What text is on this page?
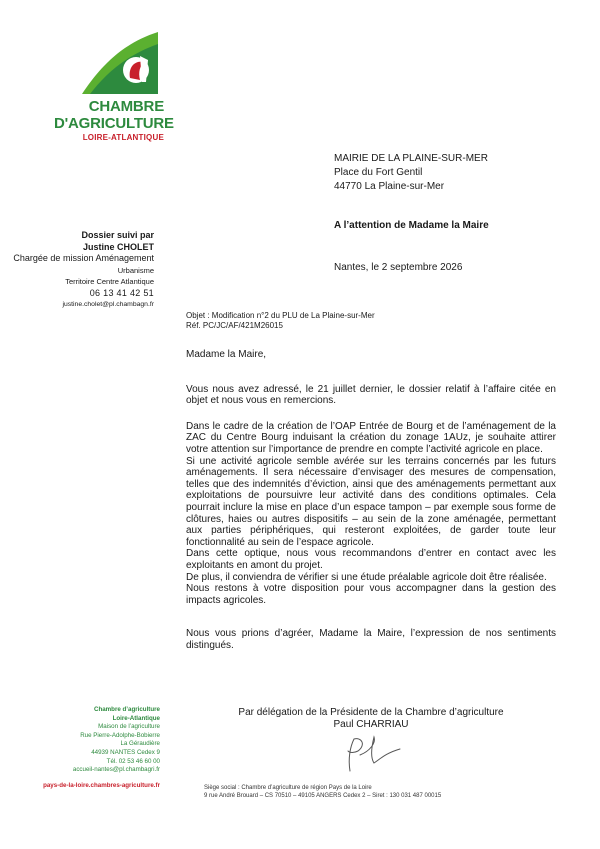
CHAMBRE
D'AGRICULTURE
LOIRE-ATLANTIQUE
Dossier suivi par
Justine CHOLET
Chargée de mission Aménagement
Urbanisme
Territoire Centre Atlantique
06 13 41 42 51
justine.cholet@pl.chambagn.fr
MAIRIE DE LA PLAINE-SUR-MER
Place du Fort Gentil
44770 La Plaine-sur-Mer
A l’attention de Madame la Maire
Nantes, le 2 septembre 2026
Objet : Modification n°2 du PLU de La Plaine-sur-Mer
Réf. PC/JC/AF/421M26015

Madame la Maire,

Vous nous avez adressé, le 21 juillet dernier, le dossier relatif à l’affaire citée en objet et nous vous en remercions.

Dans le cadre de la création de l’OAP Entrée de Bourg et de l’aménagement de la ZAC du Centre Bourg induisant la création du zonage 1AUz, je souhaite attirer votre attention sur l’importance de prendre en compte l’activité agricole en place.

Si une activité agricole semble avérée sur les terrains concernés par les futurs aménagements. Il sera nécessaire d’envisager des mesures de compensation, telles que des indemnités d’éviction, ainsi que des aménagements permettant aux exploitations de poursuivre leur activité dans des conditions optimales. Cela pourrait inclure la mise en place d’un espace tampon – par exemple sous forme de clôtures, haies ou autres dispositifs – au sein de la zone aménagée, permettant aux parties périphériques, qui resteront exploitées, de garder toute leur fonctionnalité au sein de l’espace agricole.

Dans cette optique, nous vous recommandons d’entrer en contact avec les exploitants en amont du projet.

De plus, il conviendra de vérifier si une étude préalable agricole doit être réalisée.

Nous restons à votre disposition pour vous accompagner dans la gestion des impacts agricoles.

Nous vous prions d’agréer, Madame la Maire, l’expression de nos sentiments distingués.

Par délégation de la Présidente de la Chambre d’agriculture
Paul CHARRIAU
Chambre d’agriculture
Loire-Atlantique
Maison de l’agriculture
Rue Pierre-Adolphe-Bobierre
La Géraudière
44939 NANTES Cedex 9
Tél. 02 53 46 60 00
accueil-nantes@pl.chambagri.fr
pays-de-la-loire.chambres-agriculture.fr	Siège social : Chambre d’agriculture de région Pays de la Loire
9 rue André Brouard – CS 70510 – 49105 ANGERS Cedex 2 – Siret : 130 031 487 00015
